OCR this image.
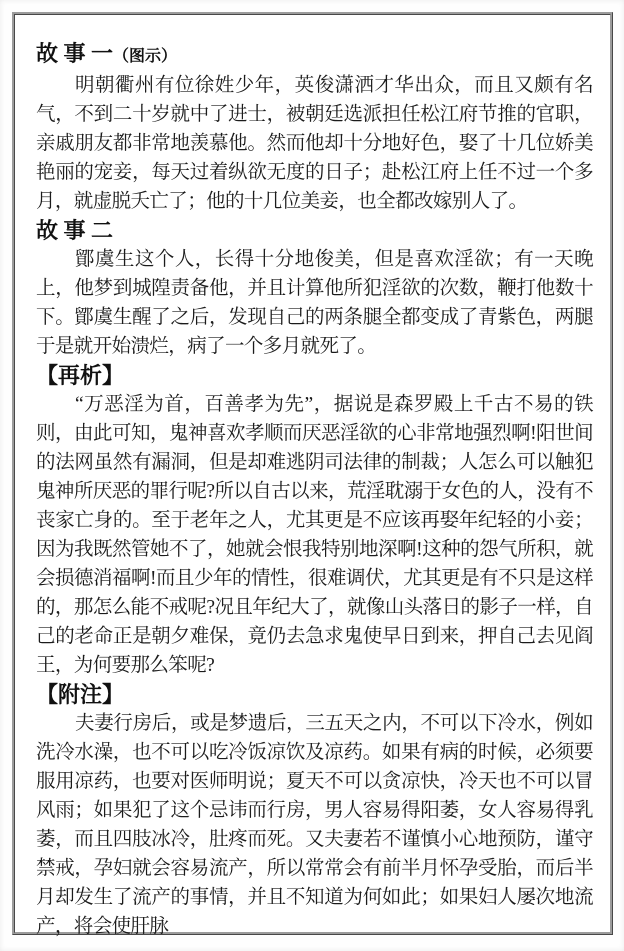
故 事 一（图示）

明朝衢州有位徐姓少年，英俊潇洒才华出众，而且又颇有名气，不到二十岁就中了进士，被朝廷选派担任松江府节推的官职，亲戚朋友都非常地羡慕他。然而他却十分地好色，娶了十几位娇美艳丽的宠妾，每天过着纵欲无度的日子；赴松江府上任不过一个多月，就虚脱夭亡了；他的十几位美妾，也全都改嫁别人了。

故 事 二

鄮虞生这个人，长得十分地俊美，但是喜欢淫欲；有一天晚上，他梦到城隍责备他，并且计算他所犯淫欲的次数，鞭打他数十下。鄮虞生醒了之后，发现自己的两条腿全都变成了青紫色，两腿于是就开始溃烂，病了一个多月就死了。

【再析】

“万恶淫为首，百善孝为先”，据说是森罗殿上千古不易的铁则，由此可知，鬼神喜欢孝顺而厌恶淫欲的心非常地强烈啊!阳世间的法网虽然有漏洞，但是却难逃阴司法律的制裁；人怎么可以触犯鬼神所厌恶的罪行呢?所以自古以来，荒淫耽溺于女色的人，没有不丧家亡身的。至于老年之人，尤其更是不应该再娶年纪轻的小妾；因为我既然管她不了，她就会恨我特别地深啊!这种的怨气所积，就会损德消福啊!而且少年的情性，很难调伏，尤其更是有不只是这样的，那怎么能不戒呢?况且年纪大了，就像山头落日的影子一样，自己的老命正是朝夕难保，竟仍去急求鬼使早日到来，押自己去见阎王，为何要那么笨呢?

【附注】

夫妻行房后，或是梦遗后，三五天之内，不可以下冷水，例如洗冷水澡，也不可以吃冷饭凉饮及凉药。如果有病的时候，必须要服用凉药，也要对医师明说；夏天不可以贪凉快，冷天也不可以冒风雨；如果犯了这个忌讳而行房，男人容易得阳萎，女人容易得乳萎，而且四肢冰冷，肚疼而死。又夫妻若不谨慎小心地预防，谨守禁戒，孕妇就会容易流产，所以常常会有前半月怀孕受胎，而后半月却发生了流产的事情，并且不知道为何如此；如果妇人屡次地流产，将会使肝脉
